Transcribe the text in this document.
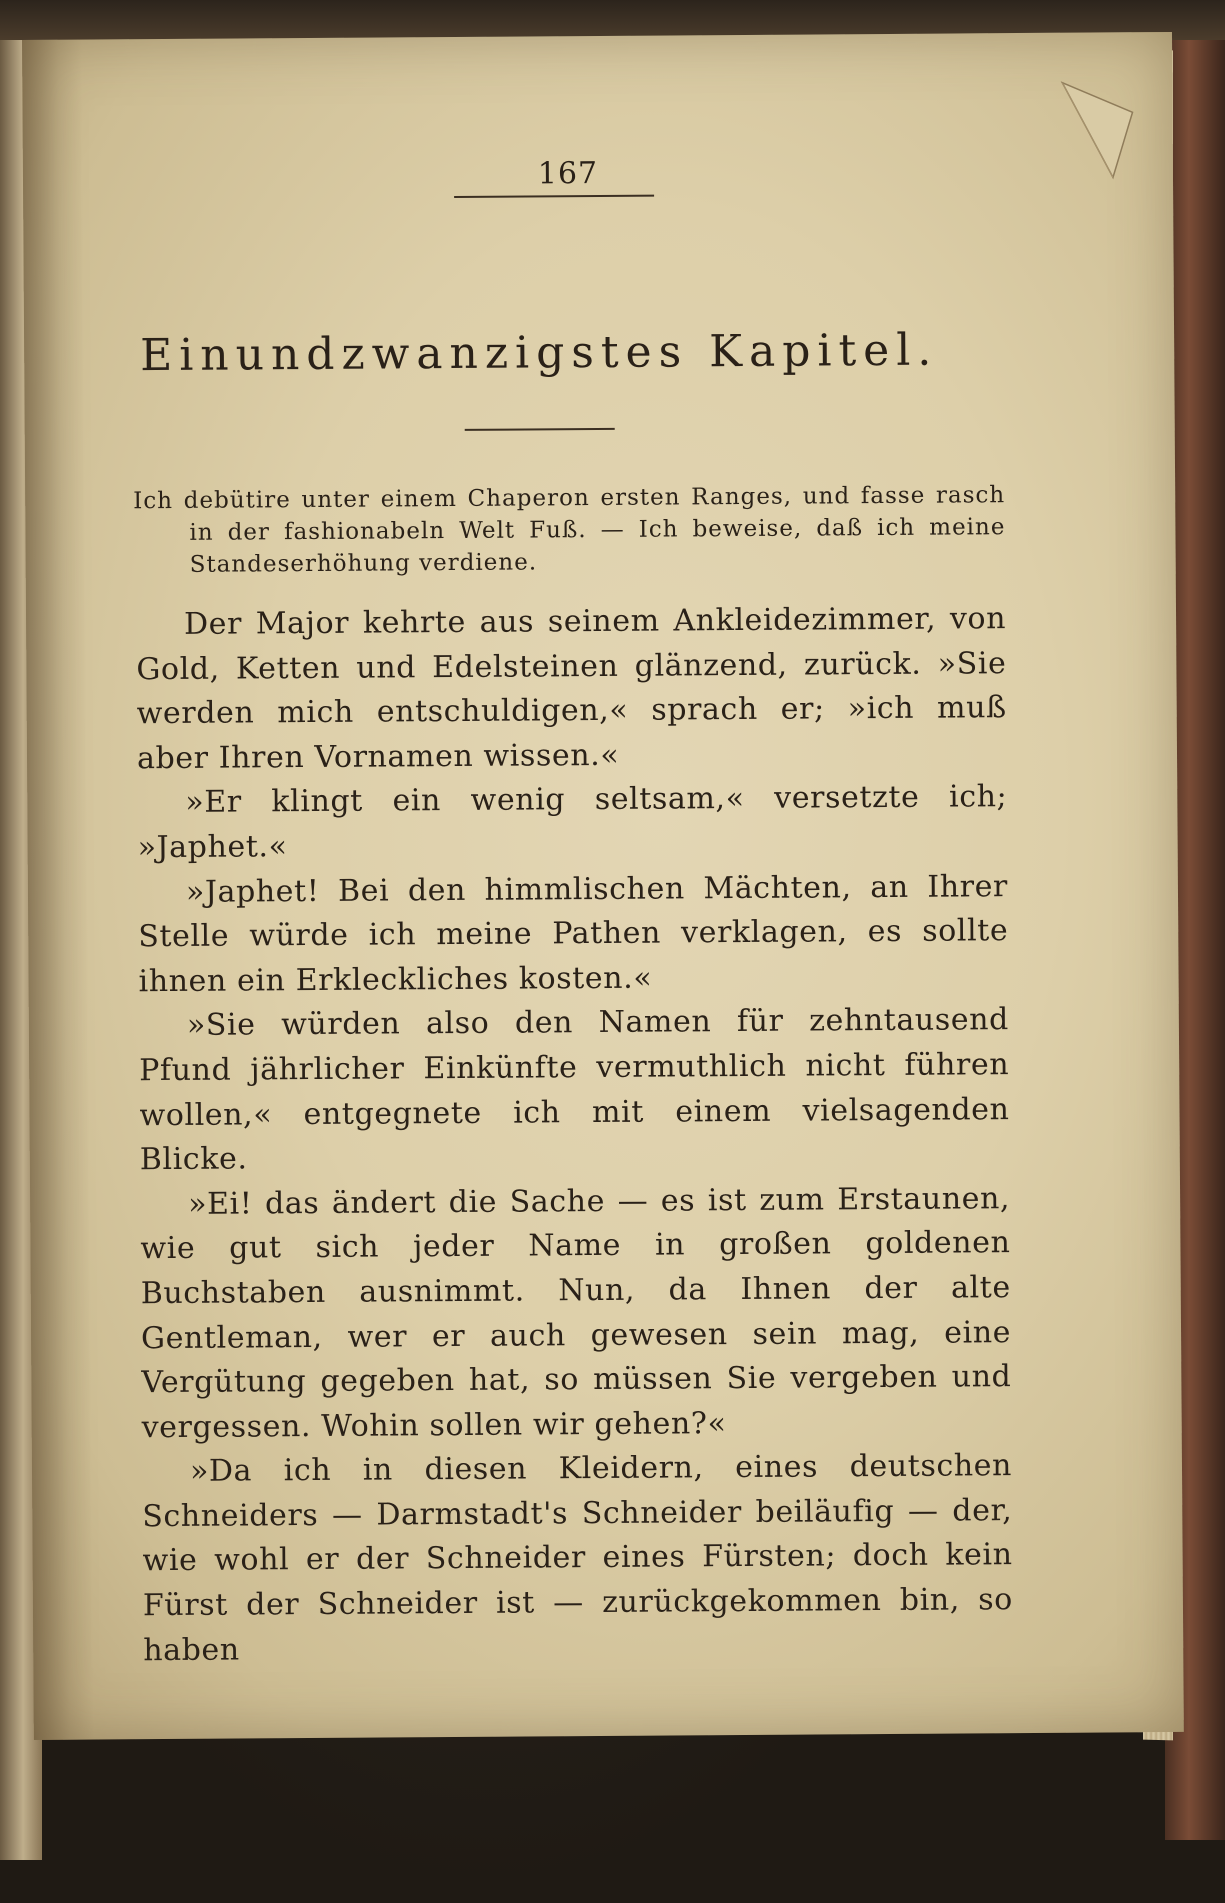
167
Einundzwanzigstes Kapitel.

Ich debütire unter einem Chaperon ersten Ranges, und fasse rasch in der fashionabeln Welt Fuß. — Ich beweise, daß ich meine Standeserhöhung verdiene.

Der Major kehrte aus seinem Ankleidezimmer, von Gold, Ketten und Edelsteinen glänzend, zurück. »Sie werden mich entschuldigen,« sprach er; »ich muß aber Ihren Vornamen wissen.«

»Er klingt ein wenig seltsam,« versetzte ich; »Japhet.«

»Japhet! Bei den himmlischen Mächten, an Ihrer Stelle würde ich meine Pathen verklagen, es sollte ihnen ein Erkleckliches kosten.«

»Sie würden also den Namen für zehntausend Pfund jährlicher Einkünfte vermuthlich nicht führen wollen,« entgegnete ich mit einem vielsagenden Blicke.

»Ei! das ändert die Sache — es ist zum Erstaunen, wie gut sich jeder Name in großen goldenen Buchstaben ausnimmt. Nun, da Ihnen der alte Gentleman, wer er auch gewesen sein mag, eine Vergütung gegeben hat, so müssen Sie vergeben und vergessen. Wohin sollen wir gehen?«

»Da ich in diesen Kleidern, eines deutschen Schneiders — Darmstadt's Schneider beiläufig — der, wie wohl er der Schneider eines Fürsten; doch kein Fürst der Schneider ist — zurückgekommen bin, so haben
